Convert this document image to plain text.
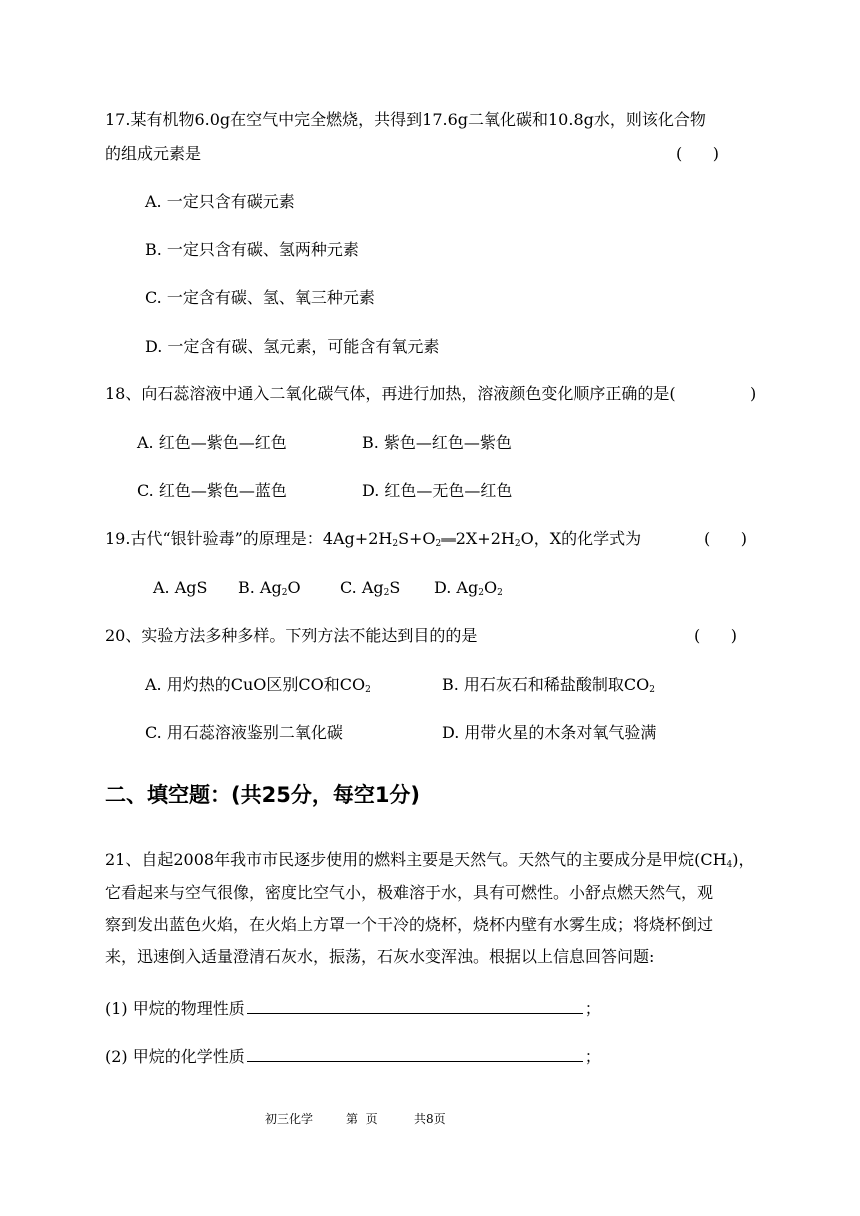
17.某有机物6.0g在空气中完全燃烧，共得到17.6g二氧化碳和10.8g水，则该化合物
的组成元素是	(      )
A. 一定只含有碳元素
B. 一定只含有碳、氢两种元素
C. 一定含有碳、氢、氧三种元素
D. 一定含有碳、氢元素，可能含有氧元素
18、向石蕊溶液中通入二氧化碳气体，再进行加热，溶液颜色变化顺序正确的是(	)
A. 红色—紫色—红色	B. 紫色—红色—紫色
C. 红色—紫色—蓝色	D. 红色—无色—红色
19.古代“银针验毒”的原理是：$4Ag+2H_2S+O_2══2X+2H_2O$，X的化学式为	(      )
A. AgS B. $Ag_2O$ C. $Ag_2S$ D. $Ag_2O_2$
20、实验方法多种多样。下列方法不能达到目的的是	(      )
A. 用灼热的CuO区别CO和$CO_2$	B. 用石灰石和稀盐酸制取$CO_2$
C. 用石蕊溶液鉴别二氧化碳	D. 用带火星的木条对氧气验满
二、填空题：(共25分，每空1分)
21、自起2008年我市市民逐步使用的燃料主要是天然气。天然气的主要成分是甲烷$(CH_4)$，
它看起来与空气很像，密度比空气小，极难溶于水，具有可燃性。小舒点燃天然气，观
察到发出蓝色火焰，在火焰上方罩一个干冷的烧杯，烧杯内壁有水雾生成；将烧杯倒过
来，迅速倒入适量澄清石灰水，振荡，石灰水变浑浊。根据以上信息回答问题:
(1) 甲烷的物理性质	；
(2) 甲烷的化学性质	；
初三化学	第  页	共8页
